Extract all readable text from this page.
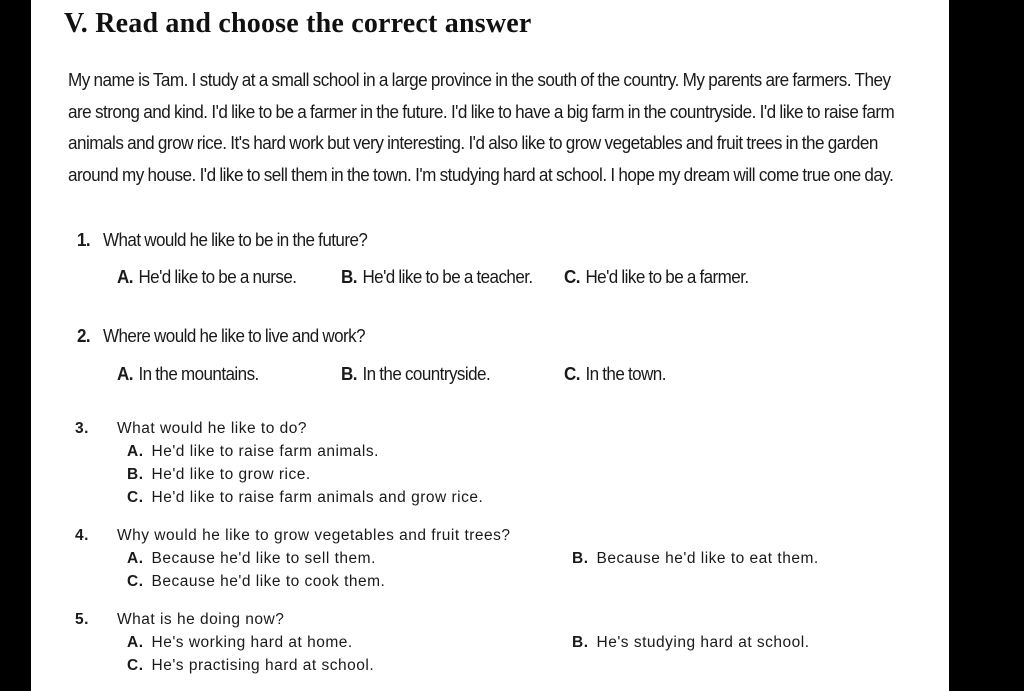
V. Read and choose the correct answer
My name is Tam. I study at a small school in a large province in the south of the country. My parents are farmers. They are strong and kind. I'd like to be a farmer in the future. I'd like to have a big farm in the countryside. I'd like to raise farm animals and grow rice. It's hard work but very interesting. I'd also like to grow vegetables and fruit trees in the garden around my house. I'd like to sell them in the town. I'm studying hard at school. I hope my dream will come true one day.
1. What would he like to be in the future?
A. He'd like to be a nurse. B. He'd like to be a teacher. C. He'd like to be a farmer.
2. Where would he like to live and work?
A. In the mountains.	B. In the countryside.	C. In the town.
3. What would he like to do?
A. He'd like to raise farm animals.
B. He'd like to grow rice.
C. He'd like to raise farm animals and grow rice.
4. Why would he like to grow vegetables and fruit trees?
A. Because he'd like to sell them.	B. Because he'd like to eat them.
C. Because he'd like to cook them.
5. What is he doing now?
A. He's working hard at home.	B. He's studying hard at school.
C. He's practising hard at school.
